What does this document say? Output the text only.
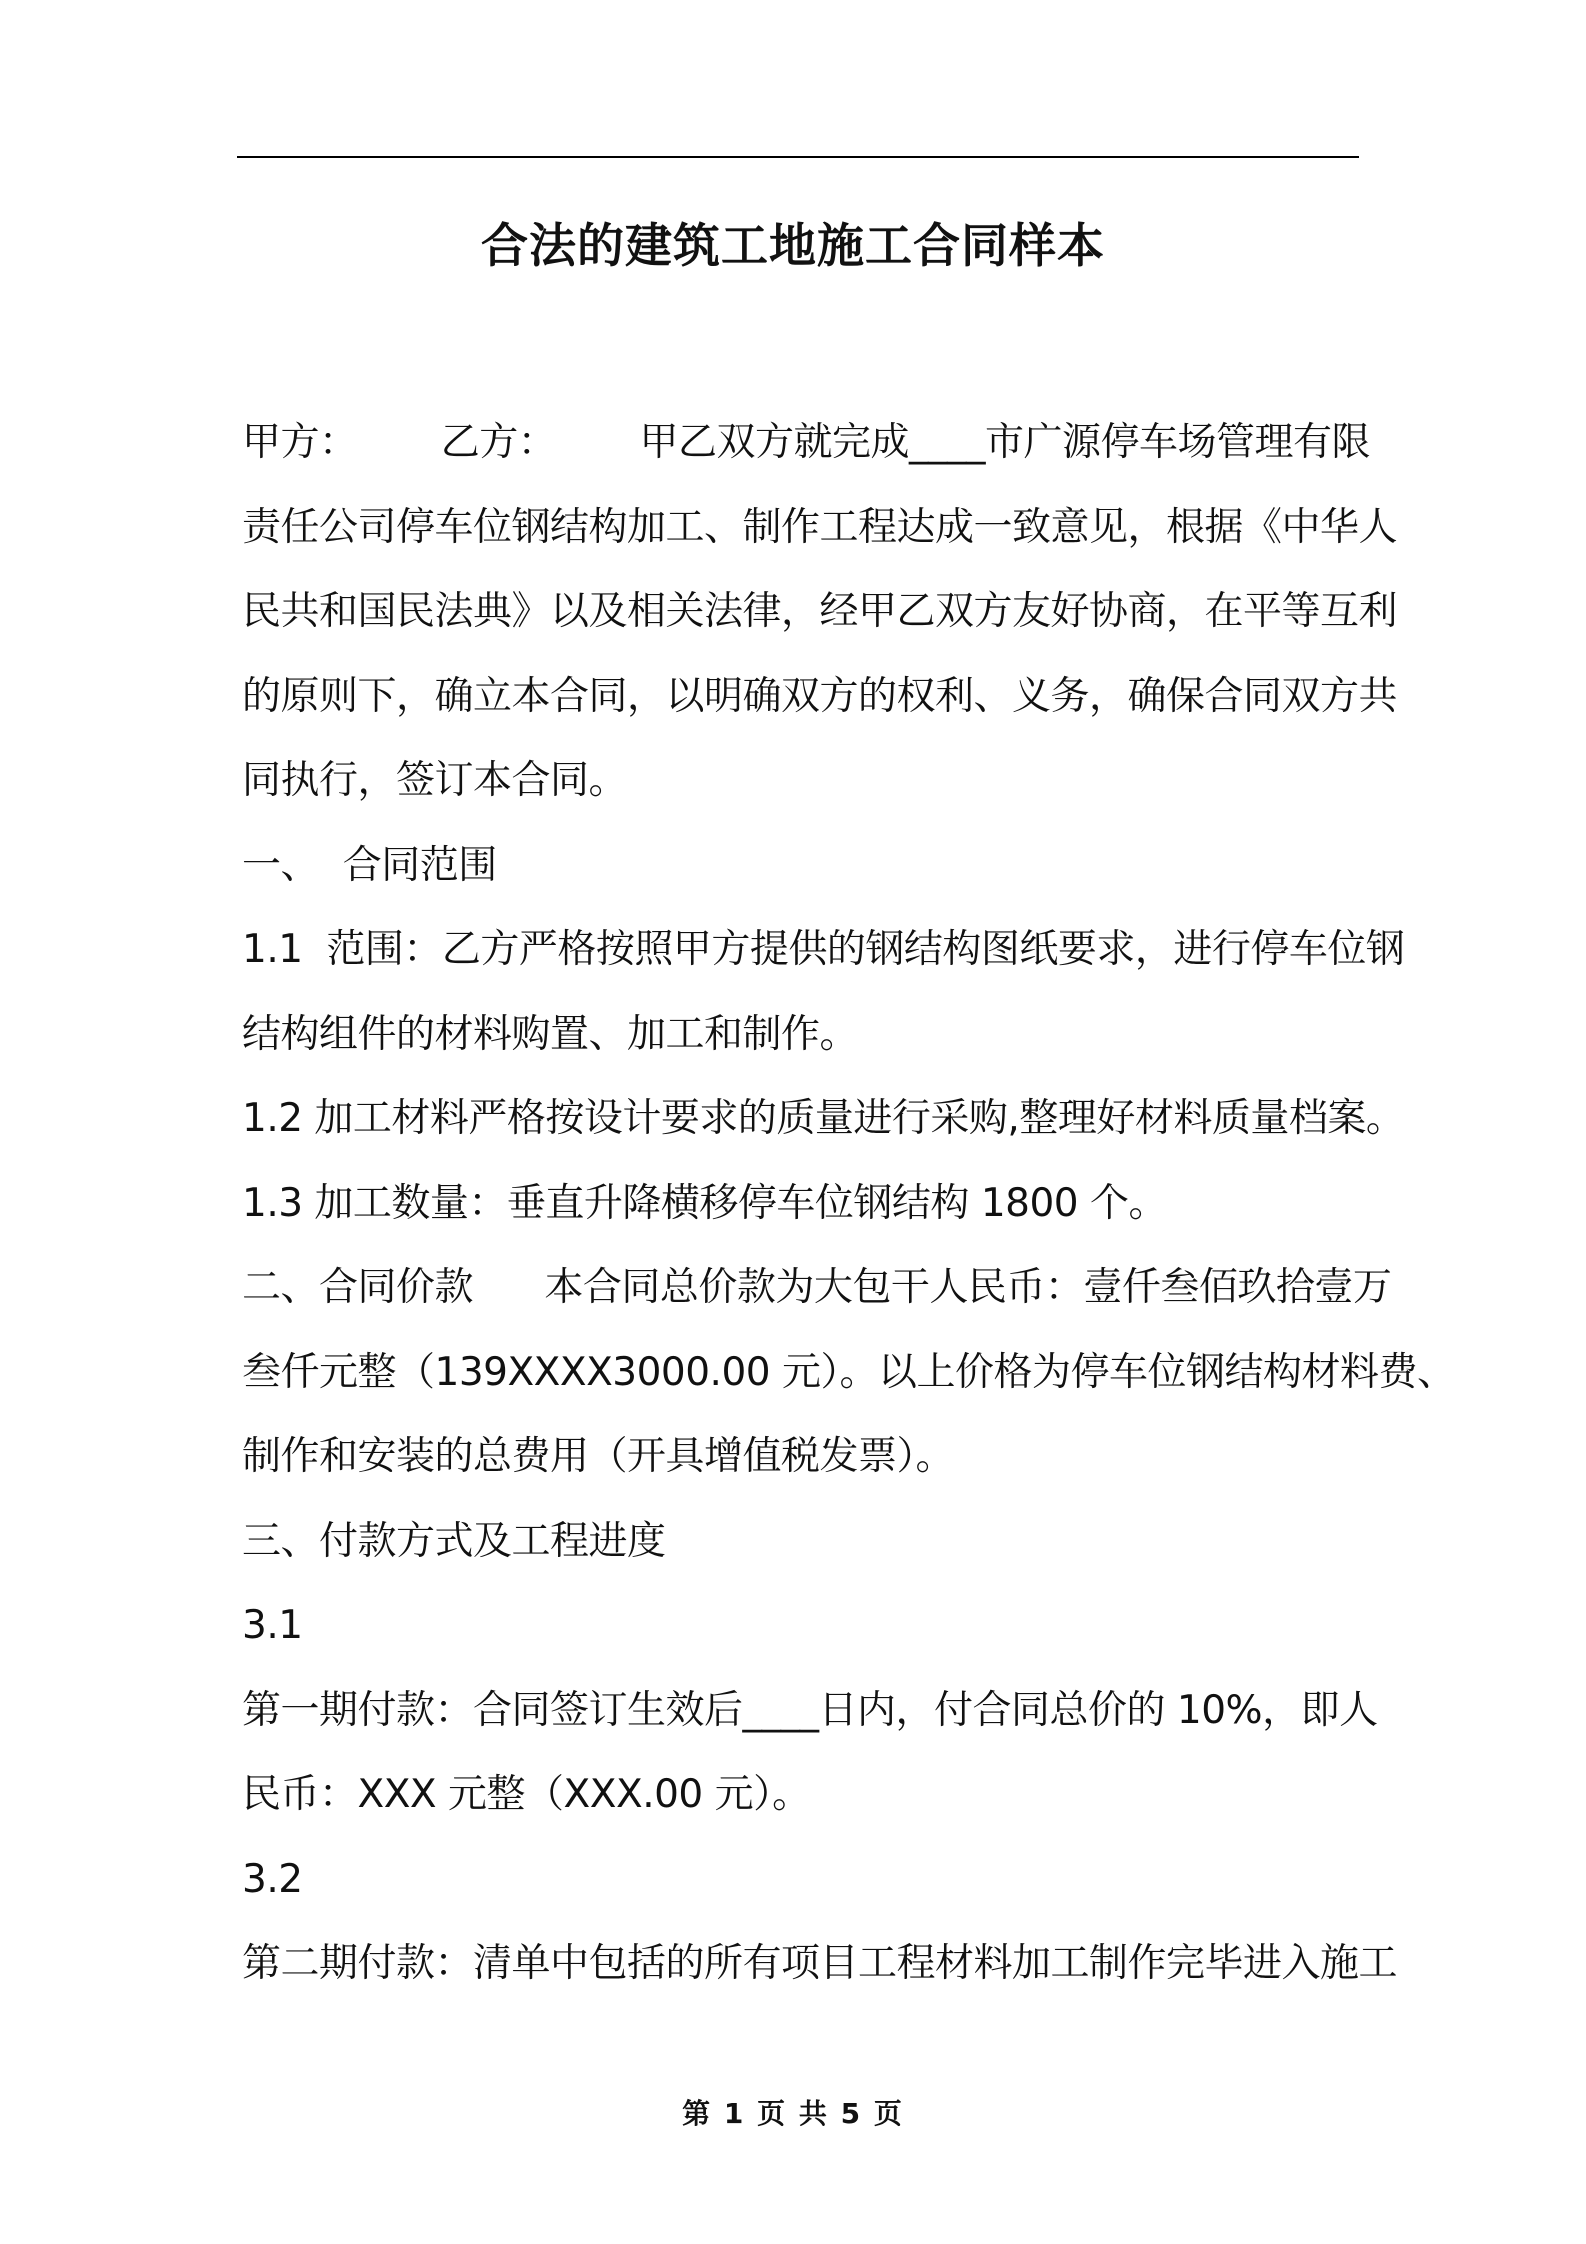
合法的建筑工地施工合同样本
甲方：       乙方：       甲乙双方就完成____市广源停车场管理有限
责任公司停车位钢结构加工、制作工程达成一致意见，根据《中华人
民共和国民法典》以及相关法律，经甲乙双方友好协商，在平等互利
的原则下，确立本合同，以明确双方的权利、义务，确保合同双方共
同执行，签订本合同。
一、  合同范围
1.1  范围：乙方严格按照甲方提供的钢结构图纸要求，进行停车位钢
结构组件的材料购置、加工和制作。
1.2 加工材料严格按设计要求的质量进行采购,整理好材料质量档案。
1.3 加工数量：垂直升降横移停车位钢结构 1800 个。
二、合同价款      本合同总价款为大包干人民币：壹仟叁佰玖拾壹万
叁仟元整（139XXXX3000.00 元）。以上价格为停车位钢结构材料费、
制作和安装的总费用（开具增值税发票）。
三、付款方式及工程进度
3.1
第一期付款：合同签订生效后____日内，付合同总价的 10%，即人
民币：XXX 元整（XXX.00 元）。
3.2
第二期付款：清单中包括的所有项目工程材料加工制作完毕进入施工
第 1 页 共 5 页
